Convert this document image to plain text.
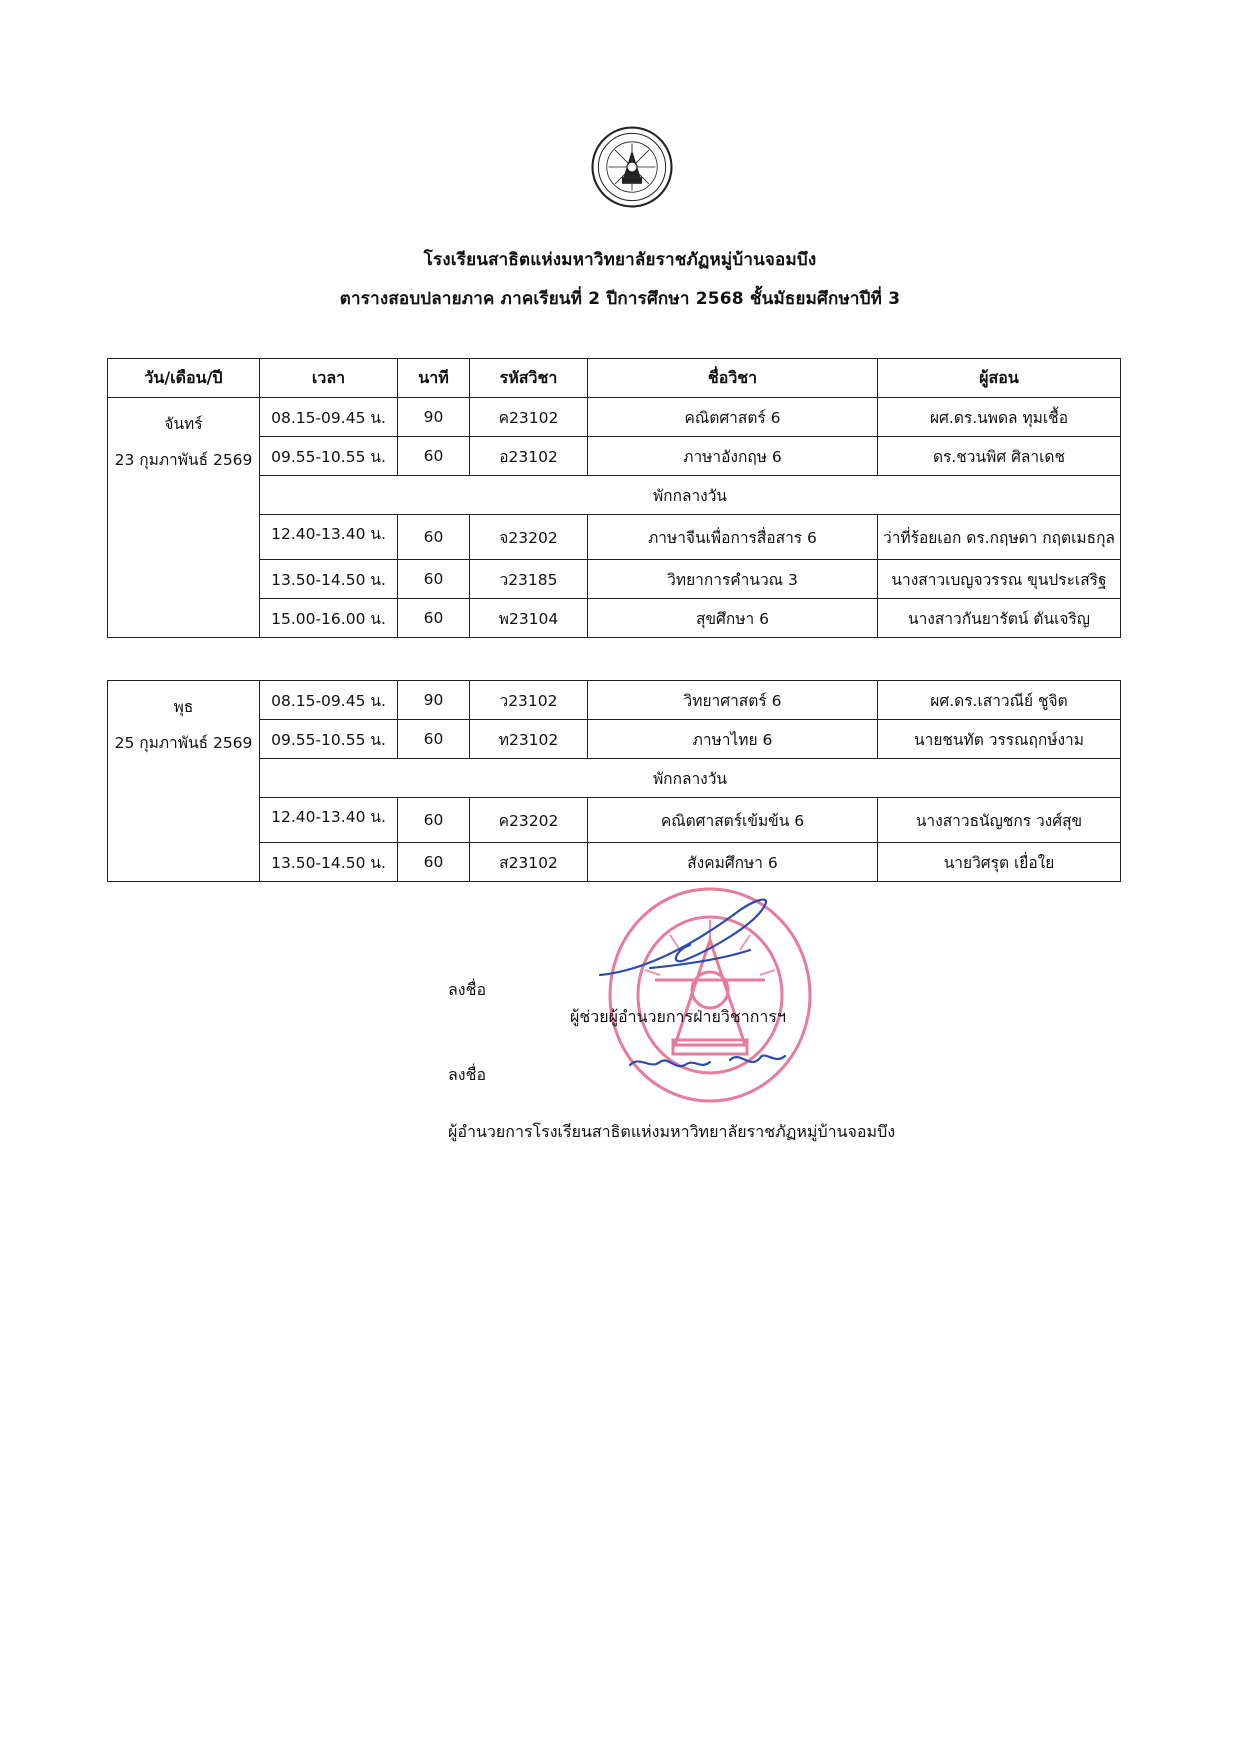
โรงเรียนสาธิตแห่งมหาวิทยาลัยราชภัฏหมู่บ้านจอมบึง
ตารางสอบปลายภาค ภาคเรียนที่ 2 ปีการศึกษา 2568 ชั้นมัธยมศึกษาปีที่ 3
วัน/เดือน/ปี	เวลา	นาที	รหัสวิชา	ชื่อวิชา	ผู้สอน

จันทร์
23 กุมภาพันธ์ 2569	08.15-09.45 น.	90	ค23102	คณิตศาสตร์ 6	ผศ.ดร.นพดล ทุมเชื้อ
	09.55-10.55 น.	60	อ23102	ภาษาอังกฤษ 6	ดร.ชวนพิศ ศิลาเดช
	พักกลางวัน				
	12.40-13.40 น.	60	จ23202	ภาษาจีนเพื่อการสื่อสาร 6	ว่าที่ร้อยเอก ดร.กฤษดา กฤตเมธกุล
	13.50-14.50 น.	60	ว23185	วิทยาการคำนวณ 3	นางสาวเบญจวรรณ ขุนประเสริฐ
	15.00-16.00 น.	60	พ23104	สุขศึกษา 6	นางสาวกันยารัตน์ ตันเจริญ
พุธ
25 กุมภาพันธ์ 2569	08.15-09.45 น.	90	ว23102	วิทยาศาสตร์ 6	ผศ.ดร.เสาวณีย์ ชูจิต
	09.55-10.55 น.	60	ท23102	ภาษาไทย 6	นายชนทัต วรรณฤกษ์งาม
	พักกลางวัน				
	12.40-13.40 น.	60	ค23202	คณิตศาสตร์เข้มข้น 6	นางสาวธนัญชกร วงศ์สุข
	13.50-14.50 น.	60	ส23102	สังคมศึกษา 6	นายวิศรุต เยื่อใย
ลงชื่อ
ผู้ช่วยผู้อำนวยการฝ่ายวิชาการฯ
ลงชื่อ
ผู้อำนวยการโรงเรียนสาธิตแห่งมหาวิทยาลัยราชภัฏหมู่บ้านจอมบึง
